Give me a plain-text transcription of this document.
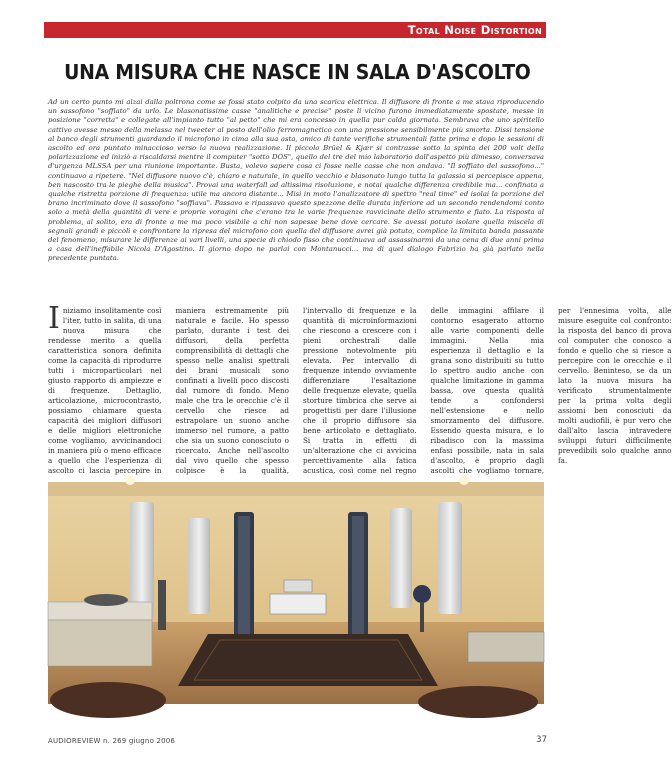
Total Noise Distortion
UNA MISURA CHE NASCE IN SALA D'ASCOLTO
Ad un certo punto mi alzai dalla poltrona come se fossi stato colpito da una scarica elettrica. Il diffusore di fronte a me stava riproducendo un sassofono "soffiato" da urlo. Le blasonatissime casse "analitiche e precise" poste li vicino furono immediatamente spostate, messe in posizione "corretta" e collegate all'impianto tutto "al petto" che mi era concesso in quella pur calda giornata. Sembrava che uno spiritello cattivo avesse messo della melassa nel tweeter al posto dell'olio ferromagnetico con una pressione sensibilmente più smorta. Dissi tensione al banco degli strumenti guardando il microfono in cima alla sua asta, amico di tante verifiche strumentali fatte prima e dopo le sessioni di ascolto ed ora puntato minaccioso verso la nuova realizzazione. Il piccolo Brüel & Kjær si contrasse sotto la spinta dei 200 volt della polarizzazione ed iniziò a riscaldarsi mentre il computer "sotto DOS", quello del tre del mio laboratorio dall'aspetto più dimesso, conversava d'urgenza MLSSA per una riunione importante. Busta, volevo sapere cosa ci fosse nelle casse che non andava. "Il soffiato del sassofono..." continuavo a ripetere. "Nel diffusore nuovo c'è, chiaro e naturale, in quello vecchio e blasonato lungo tutta la galassia si percepisce appena, ben nascosto tra le pieghe della musica". Provai una waterfall ad altissima risoluzione, e notai qualche differenza credibile ma... confinata a qualche ristretta porzione di frequenza: utile ma ancora distante... Misi in moto l'analizzatore di spettro "real time" ed isolai la porzione del brano incriminato dove il sassofono "soffiava". Passavo e ripassavo questo spezzone delle durata inferiore ad un secondo rendendomi conto solo a metà della quantità di vere e proprie voragini che c'erano tra le varie frequenze ravvicinate dello strumento e fiato. La risposta al problema, al solito, era di fronte a me ma poco visibile a chi non sapesse bene dove cercare. Se avessi potuto isolare quella miscela di segnali grandi e piccoli e confrontare la ripresa del microfono con quella del diffusore avrei già potuto, complice la limitata banda passante del fenomeno, misurare le differenze ai vari livelli, una specie di chiodo fisso che continuava ad assassinarmi da una cena di due anni prima a casa dell'ineffabile Nicola D'Agostino. Il giorno dopo ne parlai con Montanucci... ma di quel dialogo Fabrizio ha già parlato nella precedente puntata.
Iniziamo insolitamente così l'iter, tutto in salita, di una nuova misura che rendesse merito a quella caratteristica sonora definita come la capacità di riprodurre tutti i microparticolari nel giusto rapporto di ampiezze e di frequenze. Dettaglio, articolazione, microcontrasto, possiamo chiamare questa capacità dei migliori diffusori e delle migliori elettroniche come vogliamo, avvicinandoci in maniera più o meno efficace a quello che l'esperienza di ascolto ci lascia percepire in maniera estremamente più naturale e facile. Ho spesso parlato, durante i test dei diffusori, della perfetta comprensibilità di dettagli che spesso nelle analisi spettrali dei brani musicali sono confinati a livelli poco discosti dal rumore di fondo. Meno male che tra le orecchie c'è il cervello che riesce ad estrapolare un suono anche immerso nel rumore, a patto che sia un suono conosciuto o ricercato. Anche nell'ascolto dal vivo quello che spesso colpisce è la qualità, l'intervallo di frequenze e la quantità di microinformazioni che riescono a crescere con i pieni orchestrali dalle pressione notevolmente più elevata. Per intervallo di frequenze intendo ovviamente differenziare l'esaltazione delle frequenze elevate, quella storture timbrica che serve ai progettisti per dare l'illusione che il proprio diffusore sia bene articolato e dettagliato. Si tratta in effetti di un'alterazione che ci avvicina percettivamente alla fatica acustica, così come nel regno delle immagini affilare il contorno esagerato attorno alle varie componenti delle immagini. Nella mia esperienza il dettaglio e la grana sono distribuiti su tutto lo spettro audio anche con qualche limitazione in gamma bassa, ove questa qualità tende a confondersi nell'estensione e nello smorzamento del diffusore. Essendo questa misura, e lo ribadisco con la massima enfasi possibile, nata in sala d'ascolto, è proprio dagli ascolti che vogliamo tornare, per l'ennesima volta, alle misure eseguite col confronto: la risposta del banco di prova col computer che conosco a fondo e quello che si riesce a percepire con le orecchie e il cervello. Beninteso, se da un lato la nuova misura ha verificato strumentalmente per la prima volta degli assiomi ben conosciuti da molti audiofili, è pur vero che dall'alto lascia intravedere sviluppi futuri difficilmente prevedibili solo qualche anno fa.
AUDIOREVIEW n. 269 giugno 2006	37
